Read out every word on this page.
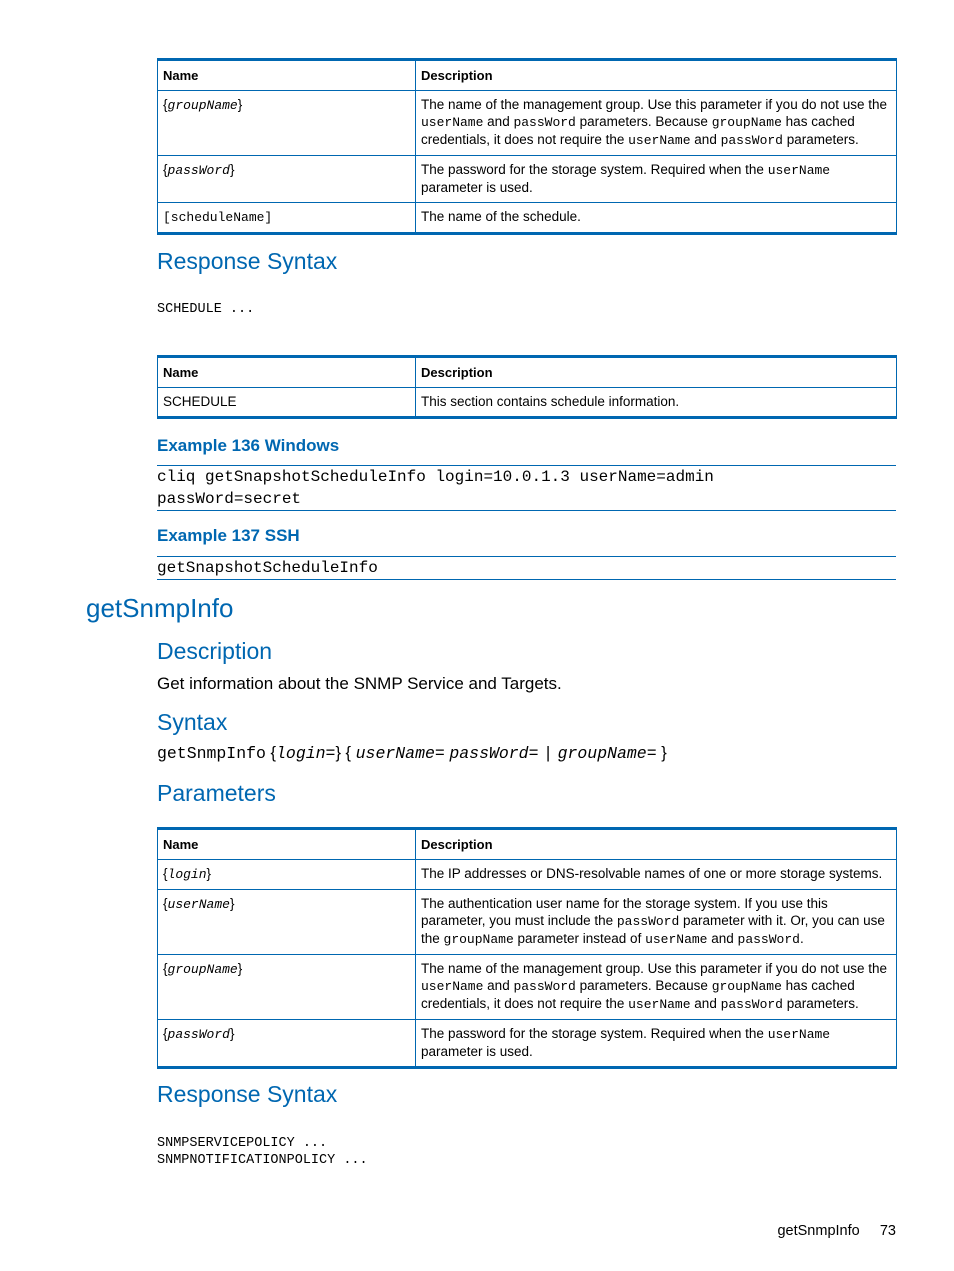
Name	Description
{groupName}	The name of the management group. Use this parameter if you do not use the userName and passWord parameters. Because groupName has cached credentials, it does not require the userName and passWord parameters.
{passWord}	The password for the storage system. Required when the userName parameter is used.
[scheduleName]	The name of the schedule.
Response Syntax
SCHEDULE ...
Name	Description
SCHEDULE	This section contains schedule information.
Example 136 Windows
cliq getSnapshotScheduleInfo login=10.0.1.3 userName=admin
passWord=secret
Example 137 SSH
getSnapshotScheduleInfo
getSnmpInfo
Description
Get information about the SNMP Service and Targets.
Syntax
getSnmpInfo {login=} { userName= passWord= | groupName= }
Parameters
Name	Description
{login}	The IP addresses or DNS-resolvable names of one or more storage systems.
{userName}	The authentication user name for the storage system. If you use this parameter, you must include the passWord parameter with it. Or, you can use the groupName parameter instead of userName and passWord.
{groupName}	The name of the management group. Use this parameter if you do not use the userName and passWord parameters. Because groupName has cached credentials, it does not require the userName and passWord parameters.
{passWord}	The password for the storage system. Required when the userName parameter is used.
Response Syntax
SNMPSERVICEPOLICY ...
SNMPNOTIFICATIONPOLICY ...
getSnmpInfo 73
